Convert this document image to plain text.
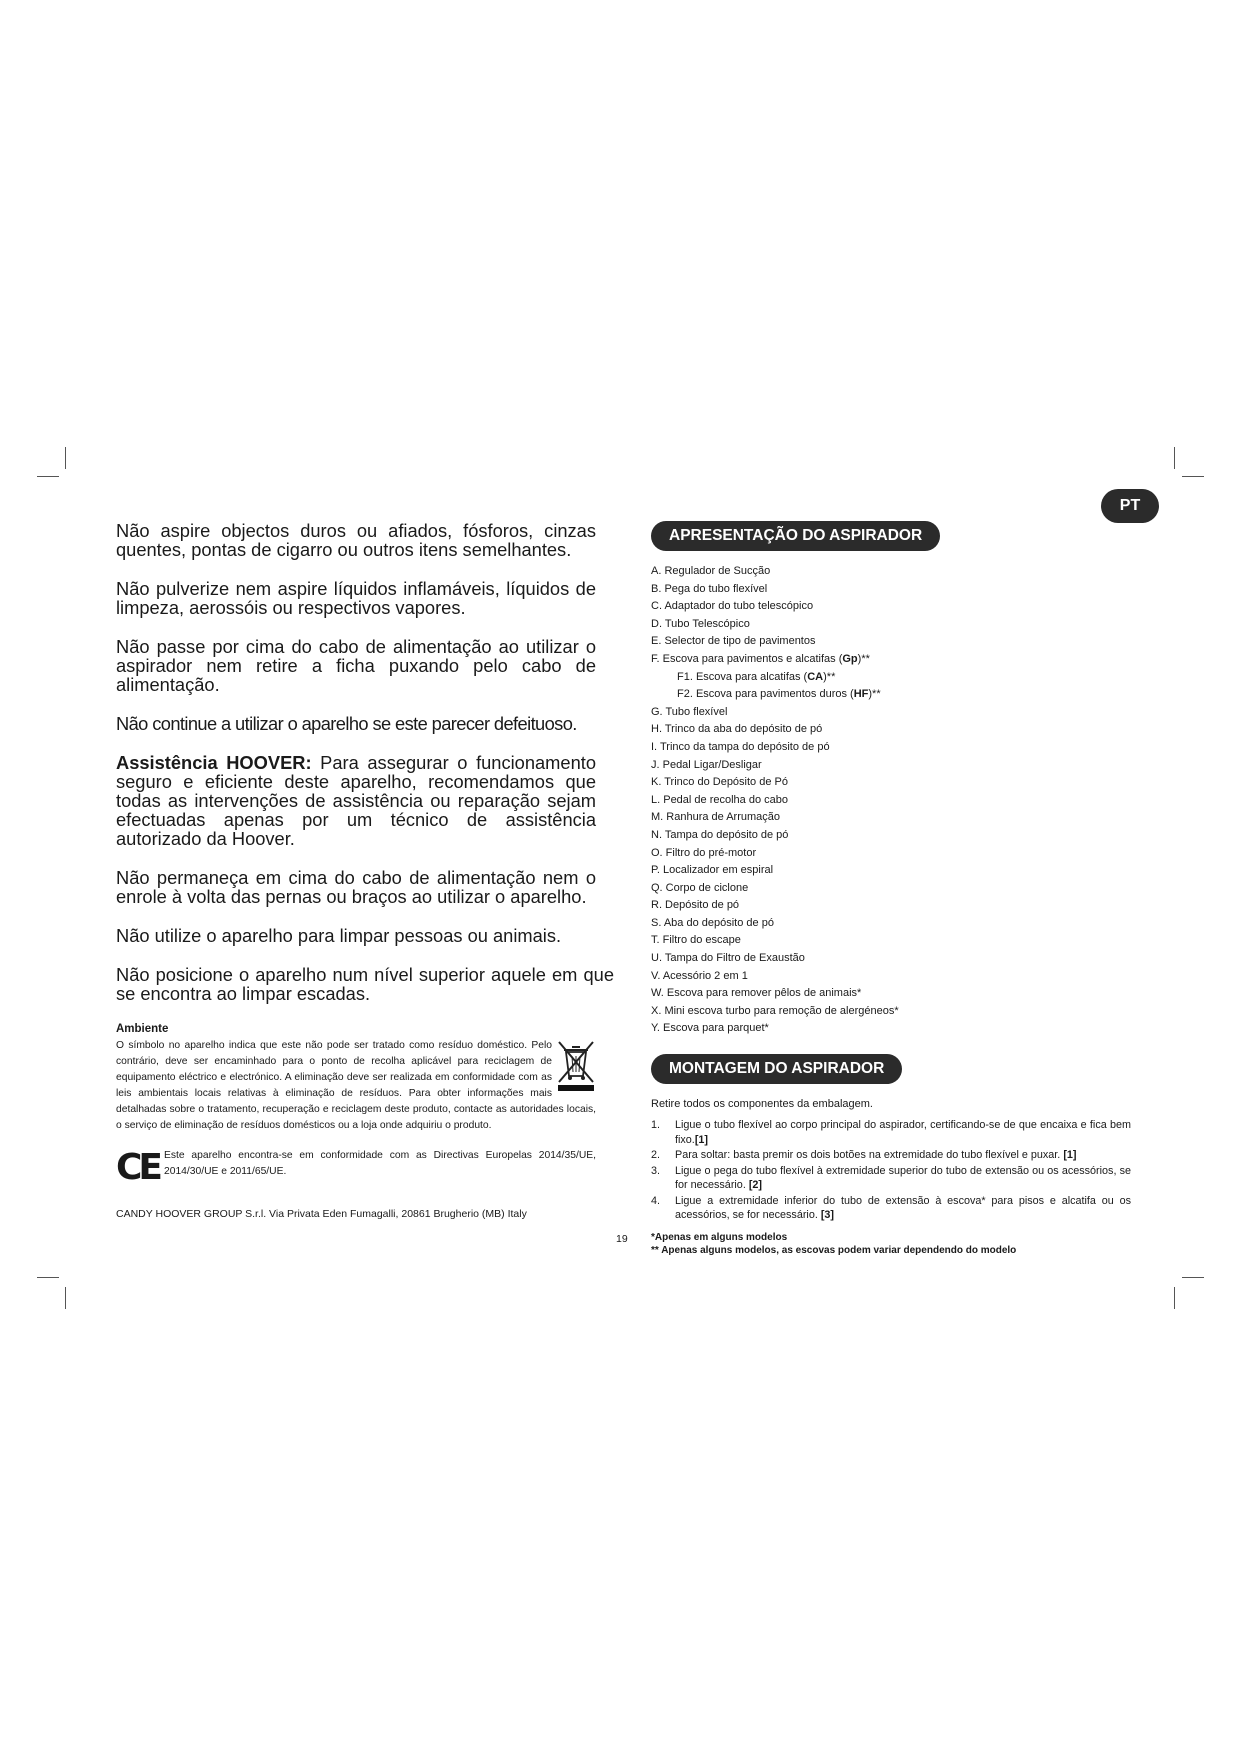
PT

Não aspire objectos duros ou afiados, fósforos, cinzas quentes, pontas de cigarro ou outros itens semelhantes.

Não pulverize nem aspire líquidos inflamáveis, líquidos de limpeza, aerossóis ou respectivos vapores.

Não passe por cima do cabo de alimentação ao utilizar o aspirador nem retire a ficha puxando pelo cabo de alimentação.

Não continue a utilizar o aparelho se este parecer defeituoso.

Assistência HOOVER: Para assegurar o funcionamento seguro e eficiente deste aparelho, recomendamos que todas as intervenções de assistência ou reparação sejam efectuadas apenas por um técnico de assistência autorizado da Hoover.

Não permaneça em cima do cabo de alimentação nem o enrole à volta das pernas ou braços ao utilizar o aparelho.

Não utilize o aparelho para limpar pessoas ou animais.

Não posicione o aparelho num nível superior aquele em que se encontra ao limpar escadas.

Ambiente

O símbolo no aparelho indica que este não pode ser tratado como resíduo doméstico. Pelo contrário, deve ser encaminhado para o ponto de recolha aplicável para reciclagem de equipamento eléctrico e electrónico. A eliminação deve ser realizada em conformidade com as leis ambientais locais relativas à eliminação de resíduos. Para obter informações mais detalhadas sobre o tratamento, recuperação e reciclagem deste produto, contacte as autoridades locais, o serviço de eliminação de resíduos domésticos ou a loja onde adquiriu o produto.

CE Este aparelho encontra-se em conformidade com as Directivas Europelas 2014/35/UE, 2014/30/UE e 2011/65/UE.

CANDY HOOVER GROUP S.r.l. Via Privata Eden Fumagalli, 20861 Brugherio (MB) Italy
19
APRESENTAÇÃO DO ASPIRADOR
A. Regulador de Sucção
B. Pega do tubo flexível
C. Adaptador do tubo telescópico
D. Tubo Telescópico
E. Selector de tipo de pavimentos
F. Escova para pavimentos e alcatifas (Gp)**
F1. Escova para alcatifas (CA)**
F2. Escova para pavimentos duros (HF)**
G. Tubo flexível
H. Trinco da aba do depósito de pó
I. Trinco da tampa do depósito de pó
J. Pedal Ligar/Desligar
K. Trinco do Depósito de Pó
L. Pedal de recolha do cabo
M. Ranhura de Arrumação
N. Tampa do depósito de pó
O. Filtro do pré-motor
P. Localizador em espiral
Q. Corpo de ciclone
R. Depósito de pó
S. Aba do depósito de pó
T. Filtro do escape
U. Tampa do Filtro de Exaustão
V. Acessório 2 em 1
W. Escova para remover pêlos de animais*
X. Mini escova turbo para remoção de alergéneos*
Y. Escova para parquet*
MONTAGEM DO ASPIRADOR

Retire todos os componentes da embalagem.

1. Ligue o tubo flexível ao corpo principal do aspirador, certificando-se de que encaixa e fica bem fixo.[1]
2. Para soltar: basta premir os dois botões na extremidade do tubo flexível e puxar. [1]
3. Ligue o pega do tubo flexível à extremidade superior do tubo de extensão ou os acessórios, se for necessário. [2]
4. Ligue a extremidade inferior do tubo de extensão à escova* para pisos e alcatifa ou os acessórios, se for necessário. [3]
*Apenas em alguns modelos
** Apenas alguns modelos, as escovas podem variar dependendo do modelo
